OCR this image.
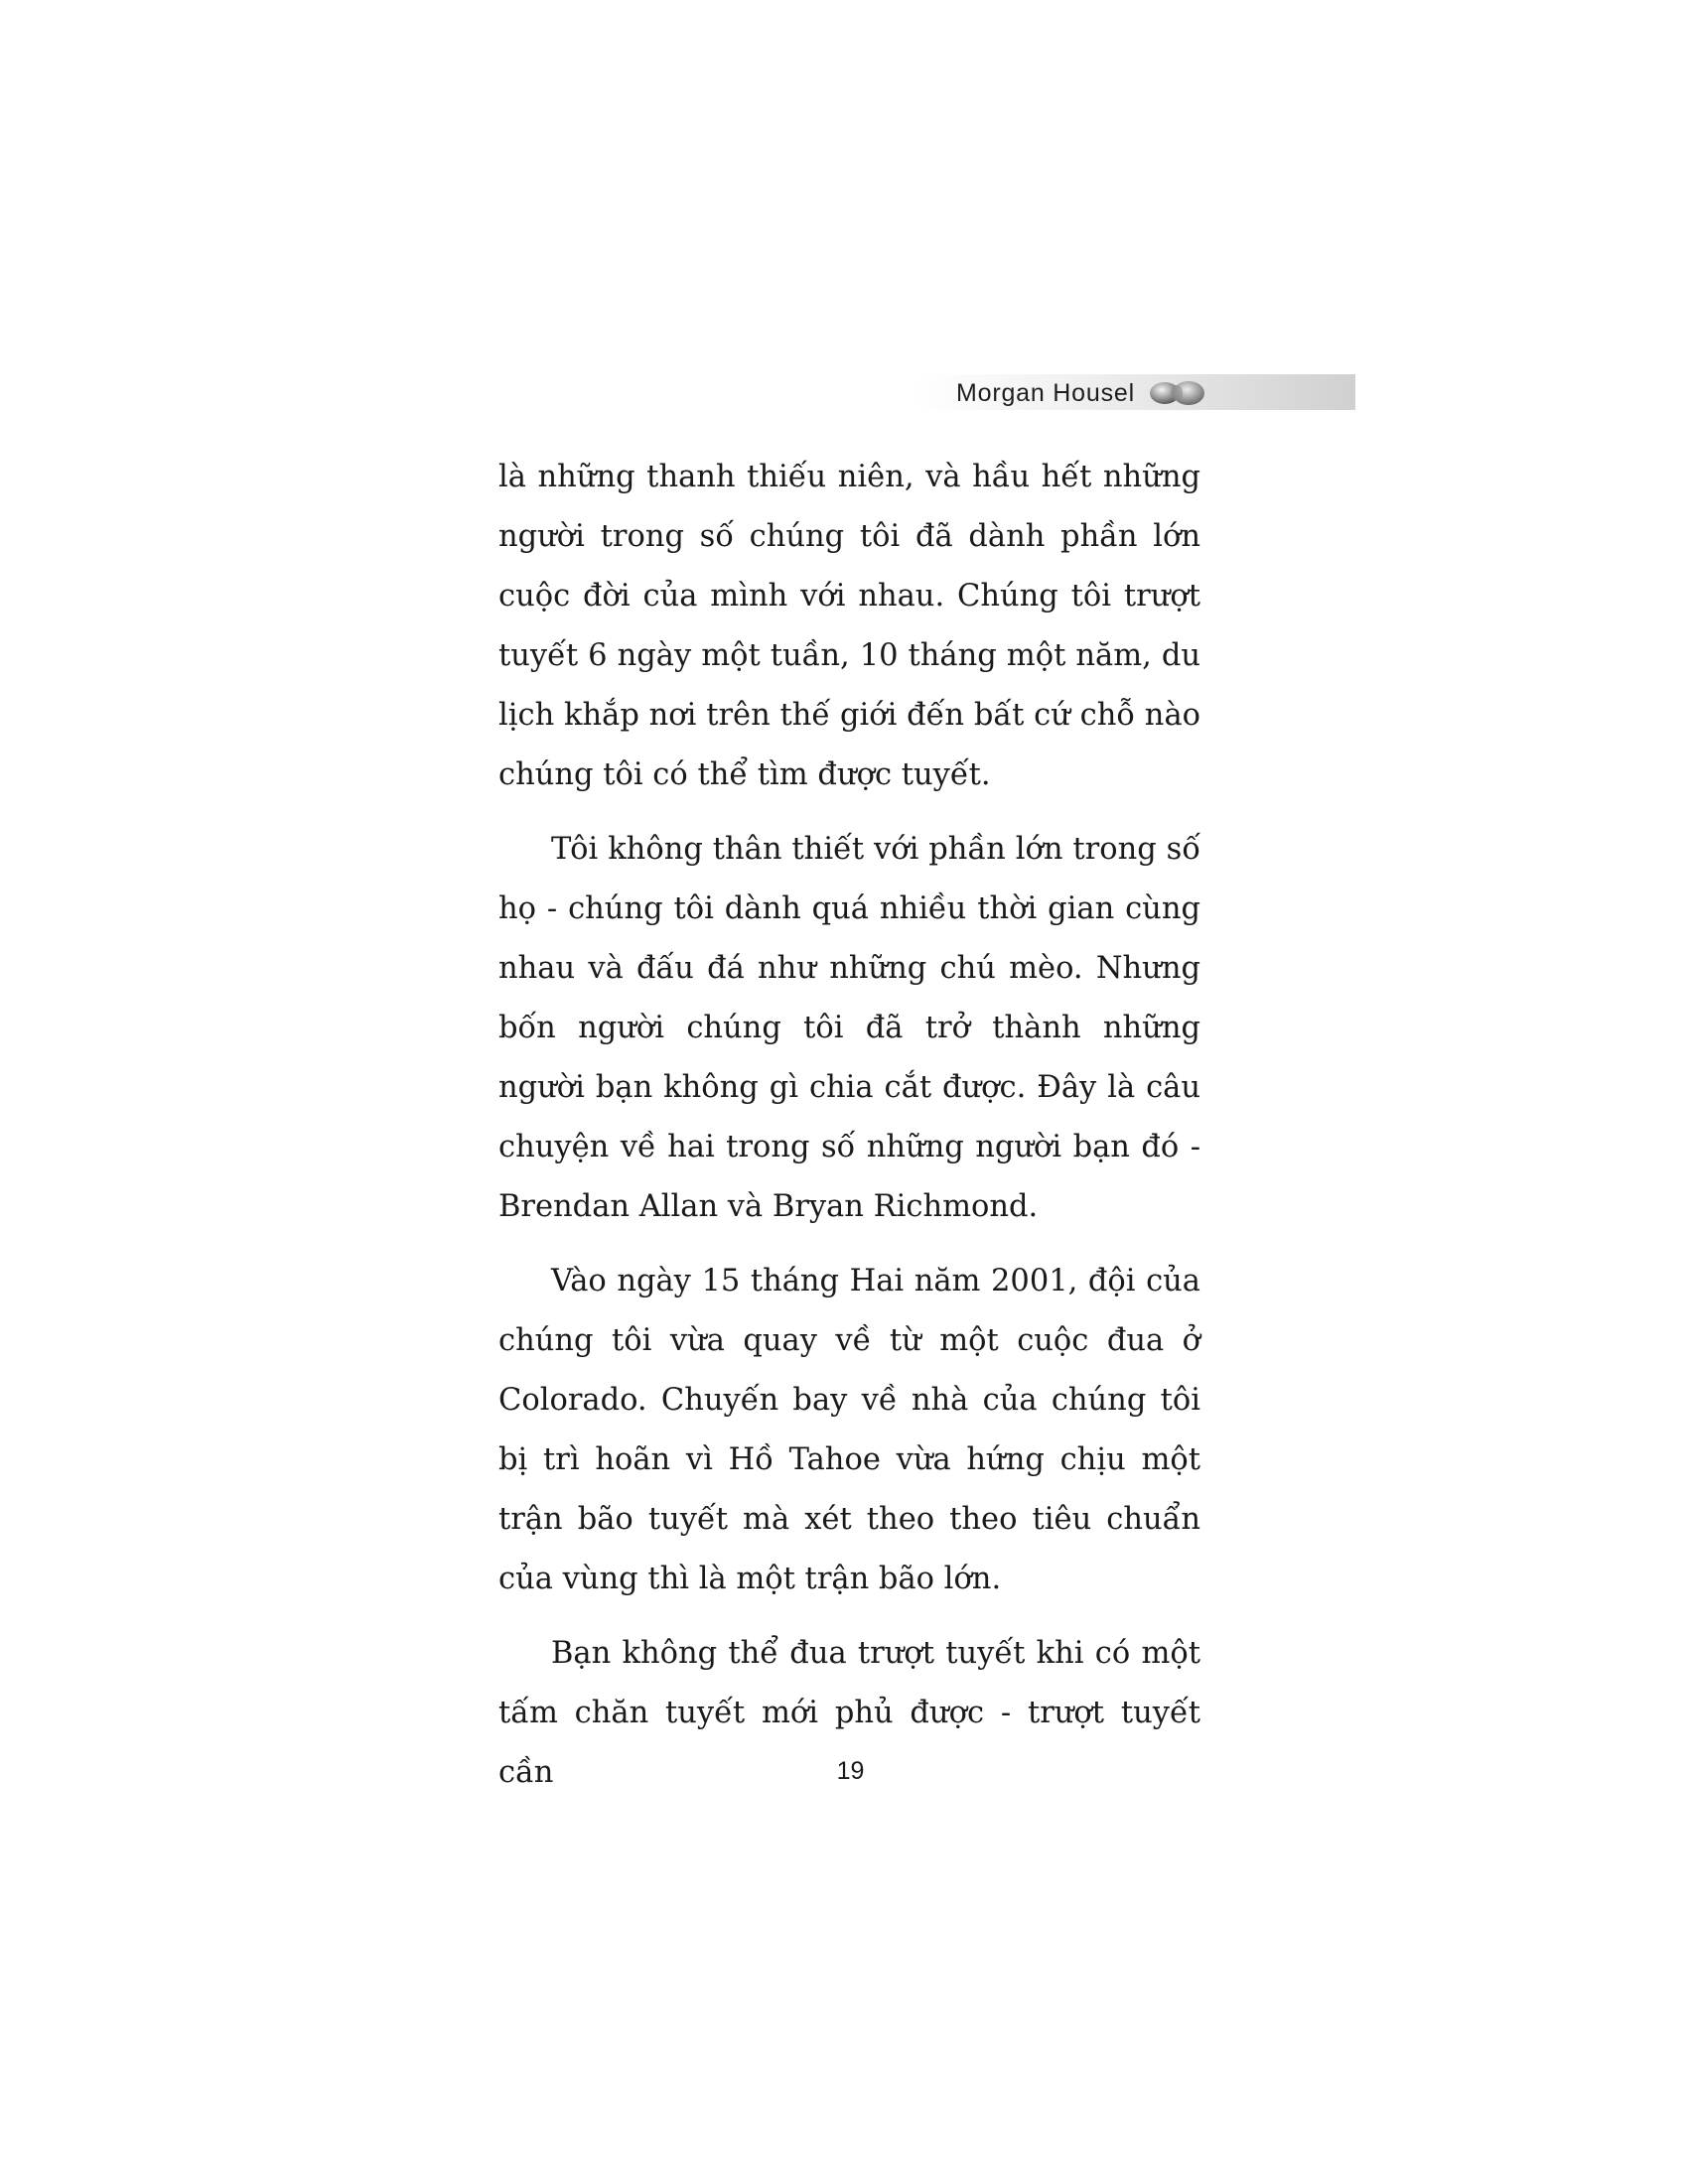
Morgan Housel

là những thanh thiếu niên, và hầu hết những người trong số chúng tôi đã dành phần lớn cuộc đời của mình với nhau. Chúng tôi trượt tuyết 6 ngày một tuần, 10 tháng một năm, du lịch khắp nơi trên thế giới đến bất cứ chỗ nào chúng tôi có thể tìm được tuyết.

Tôi không thân thiết với phần lớn trong số họ - chúng tôi dành quá nhiều thời gian cùng nhau và đấu đá như những chú mèo. Nhưng bốn người chúng tôi đã trở thành những người bạn không gì chia cắt được. Đây là câu chuyện về hai trong số những người bạn đó - Brendan Allan và Bryan Richmond.

Vào ngày 15 tháng Hai năm 2001, đội của chúng tôi vừa quay về từ một cuộc đua ở Colorado. Chuyến bay về nhà của chúng tôi bị trì hoãn vì Hồ Tahoe vừa hứng chịu một trận bão tuyết mà xét theo theo tiêu chuẩn của vùng thì là một trận bão lớn.

Bạn không thể đua trượt tuyết khi có một tấm chăn tuyết mới phủ được - trượt tuyết cần	19
